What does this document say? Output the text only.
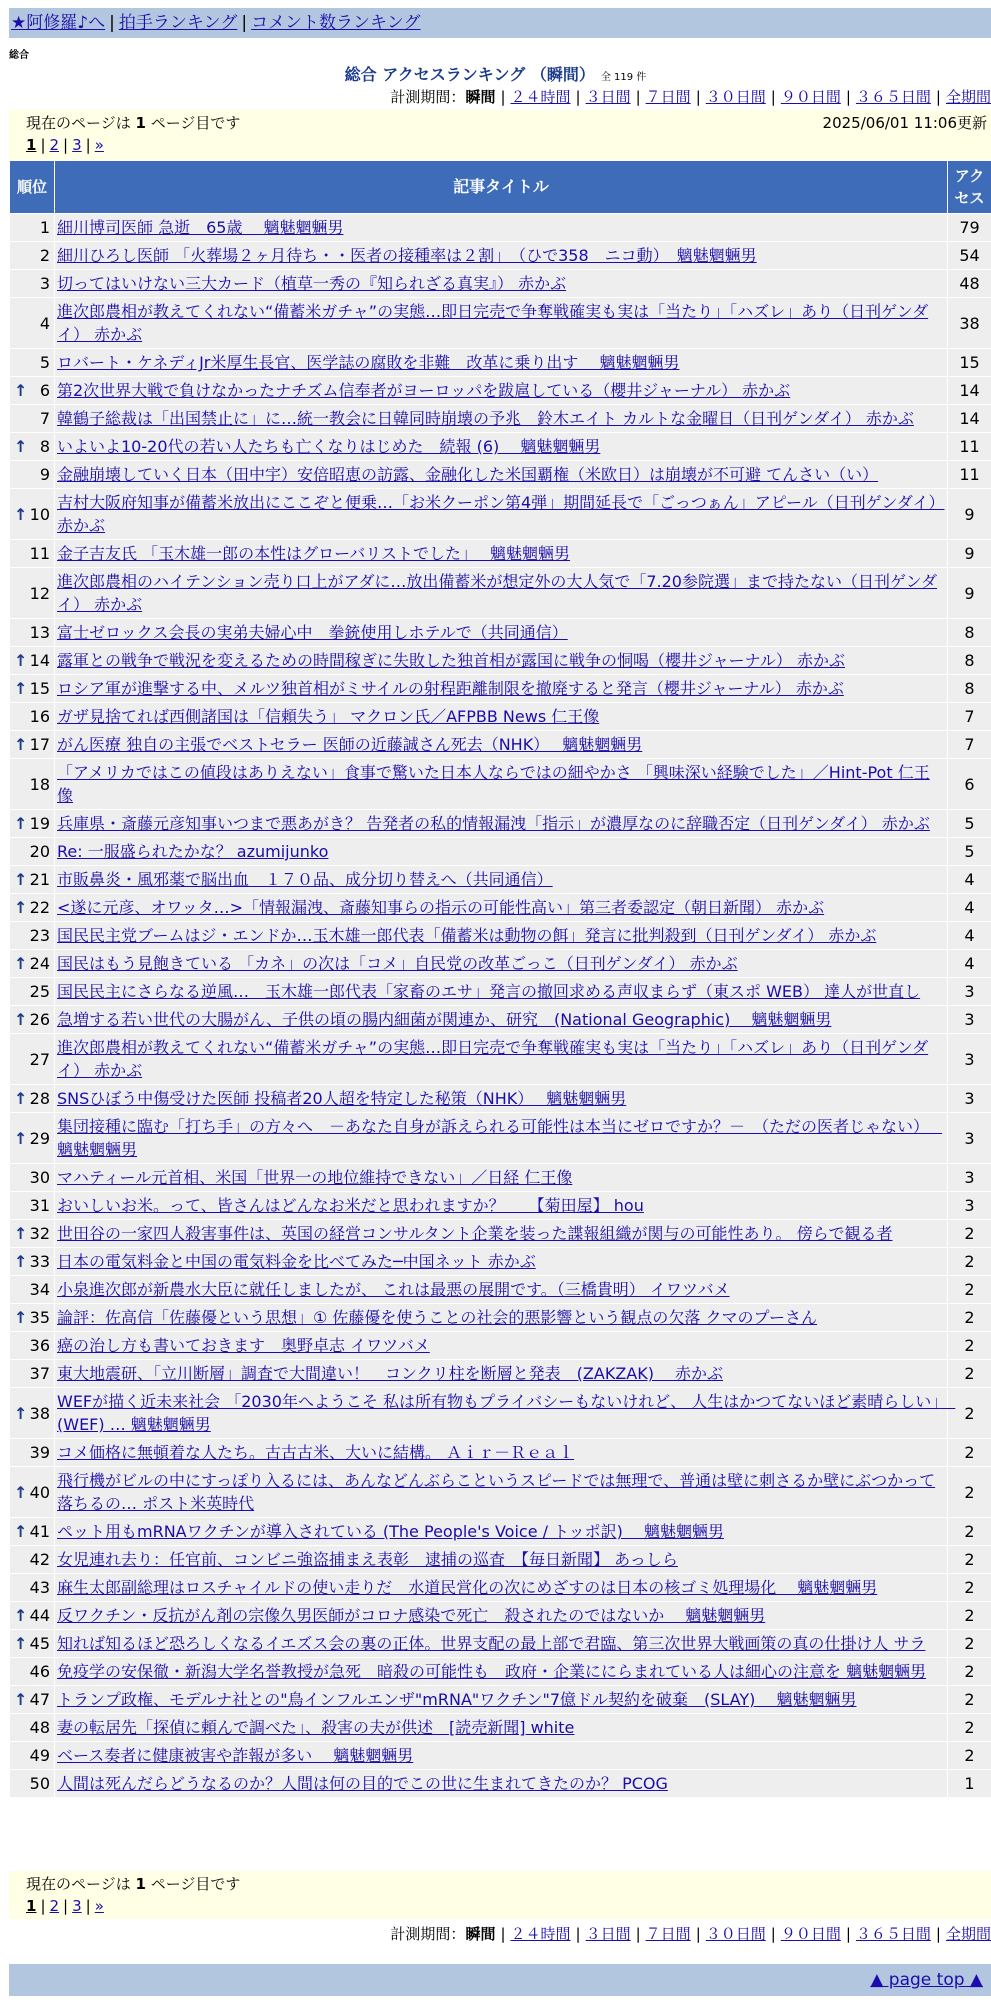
★阿修羅♪へ | 拍手ランキング | コメント数ランキング
総合
総合 アクセスランキング （瞬間） 全 119 件
計測期間：瞬間 | ２４時間 | ３日間 | ７日間 | ３０日間 | ９０日間 | ３６５日間 | 全期間
現在のページは 1 ページ目です	2025/06/01 11:06更新
1 | 2 | 3 | »
順位	記事タイトル	アクセス
1	細川博司医師 急逝　65歳　 魑魅魍魎男	79
2	細川ひろし医師 「火葬場２ヶ月待ち・・医者の接種率は２割」　（ひで358　ニコ動）　魑魅魍魎男	54
3	切ってはいけない三大カード（植草一秀の『知られざる真実』） 赤かぶ	48
4	進次郎農相が教えてくれない“備蓄米ガチャ”の実態…即日完売で争奪戦確実も実は「当たり」「ハズレ」あり（日刊ゲンダイ） 赤かぶ	38
5	ロバート・ケネディJr米厚生長官、医学誌の腐敗を非難　改革に乗り出す　 魑魅魍魎男	15

↑ 6	第2次世界大戦で負けなかったナチズム信奉者がヨーロッパを跋扈している（櫻井ジャーナル） 赤かぶ	14
7	韓鶴子総裁は「出国禁止に」に…統一教会に日韓同時崩壊の予兆　鈴木エイト カルトな金曜日（日刊ゲンダイ） 赤かぶ	14

↑ 8	いよいよ10-20代の若い人たちも亡くなりはじめた　続報 (6)　 魑魅魍魎男	11
9	金融崩壊していく日本（田中宇）安倍昭恵の訪露、金融化した米国覇権（米欧日）は崩壊が不可避 てんさい（い）	11

↑ 10	吉村大阪府知事が備蓄米放出にここぞと便乗…「お米クーポン第4弾」期間延長で「ごっつぁん」アピール（日刊ゲンダイ） 赤かぶ	9
11	金子吉友氏 「玉木雄一郎の本性はグローバリストでした」　 魑魅魍魎男	9
12	進次郎農相のハイテンション売り口上がアダに…放出備蓄米が想定外の大人気で「7.20参院選」まで持たない（日刊ゲンダイ） 赤かぶ	9
13	富士ゼロックス会長の実弟夫婦心中　拳銃使用しホテルで（共同通信）	8

↑ 14	露軍との戦争で戦況を変えるための時間稼ぎに失敗した独首相が露国に戦争の恫喝（櫻井ジャーナル） 赤かぶ	8

↑ 15	ロシア軍が進撃する中、メルツ独首相がミサイルの射程距離制限を撤廃すると発言（櫻井ジャーナル） 赤かぶ	8
16	ガザ見捨てれば西側諸国は「信頼失う」 マクロン氏／AFPBB News 仁王像	7

↑ 17	がん医療 独自の主張でベストセラー 医師の近藤誠さん死去（NHK）　 魑魅魍魎男	7
18	「アメリカではこの値段はありえない」食事で驚いた日本人ならではの細やかさ 「興味深い経験でした」／Hint-Pot 仁王像	6

↑ 19	兵庫県・斎藤元彦知事いつまで悪あがき？ 告発者の私的情報漏洩「指示」が濃厚なのに辞職否定（日刊ゲンダイ） 赤かぶ	5
20	Re: 一服盛られたかな？ azumijunko	5

↑ 21	市販鼻炎・風邪薬で脳出血　１７０品、成分切り替えへ（共同通信）	4

↑ 22	<遂に元彦、オワッタ…>「情報漏洩、斎藤知事らの指示の可能性高い」第三者委認定（朝日新聞） 赤かぶ	4
23	国民民主党ブームはジ・エンドか…玉木雄一郎代表「備蓄米は動物の餌」発言に批判殺到（日刊ゲンダイ） 赤かぶ	4

↑ 24	国民はもう見飽きている 「カネ」の次は「コメ」自民党の改革ごっこ（日刊ゲンダイ） 赤かぶ	4
25	国民民主にさらなる逆風…　玉木雄一郎代表「家畜のエサ」発言の撤回求める声収まらず（東スポ WEB） 達人が世直し	3

↑ 26	急増する若い世代の大腸がん、子供の頃の腸内細菌が関連か、研究　(National Geographic)　 魑魅魍魎男	3
27	進次郎農相が教えてくれない“備蓄米ガチャ”の実態…即日完売で争奪戦確実も実は「当たり」「ハズレ」あり（日刊ゲンダイ） 赤かぶ	3

↑ 28	SNSひぼう中傷受けた医師 投稿者20人超を特定した秘策（NHK）　 魑魅魍魎男	3

↑ 29	集団接種に臨む「打ち手」の方々へ　－あなた自身が訴えられる可能性は本当にゼロですか？－　（ただの医者じゃない）　 魑魅魍魎男	3
30	マハティール元首相、米国「世界一の地位維持できない」／日経 仁王像	3
31	おいしいお米。って、皆さんはどんなお米だと思われますか？　　【菊田屋】 hou	3

↑ 32	世田谷の一家四人殺害事件は、英国の経営コンサルタント企業を装った諜報組織が関与の可能性あり。 傍らで観る者	2

↑ 33	日本の電気料金と中国の電気料金を比べてみた─中国ネット 赤かぶ	2
34	小泉進次郎が新農水大臣に就任しましたが、 これは最悪の展開です。（三橋貴明） イワツバメ	2

↑ 35	論評：佐高信「佐藤優という思想」① 佐藤優を使うことの社会的悪影響という観点の欠落 クマのプーさん	2
36	癌の治し方も書いておきます　奥野卓志 イワツバメ	2
37	東大地震研、「立川断層」調査で大間違い！　コンクリ柱を断層と発表　(ZAKZAK)　 赤かぶ	2

↑ 38	WEFが描く近未来社会 「2030年へようこそ 私は所有物もプライバシーもないけれど、 人生はかつてないほど素晴らしい」　(WEF) … 魑魅魍魎男	2
39	コメ価格に無頓着な人たち。古古古米、大いに結構。 Ａｉｒ－Ｒｅａｌ	2

↑ 40	飛行機がビルの中にすっぽり入るには、あんなどんぶらこというスピードでは無理で、普通は壁に刺さるか壁にぶつかって落ちるの… ポスト米英時代	2

↑ 41	ペット用もmRNAワクチンが導入されている (The People's Voice / トッポ訳)　 魑魅魍魎男	2
42	女児連れ去り：任官前、コンビニ強盗捕まえ表彰　逮捕の巡査　【毎日新聞】 あっしら	2
43	麻生太郎副総理はロスチャイルドの使い走りだ　水道民営化の次にめざすのは日本の核ゴミ処理場化　 魑魅魍魎男	2

↑ 44	反ワクチン・反抗がん剤の宗像久男医師がコロナ感染で死亡　殺されたのではないか　 魑魅魍魎男	2

↑ 45	知れば知るほど恐ろしくなるイエズス会の裏の正体。世界支配の最上部で君臨、第三次世界大戦画策の真の仕掛け人 サラ	2
46	免疫学の安保徹・新潟大学名誉教授が急死　暗殺の可能性も　政府・企業ににらまれている人は細心の注意を 魑魅魍魎男	2

↑ 47	トランプ政権、モデルナ社との"鳥インフルエンザ"mRNA"ワクチン"7億ドル契約を破棄　(SLAY)　 魑魅魍魎男	2
48	妻の転居先「探偵に頼んで調べた」、殺害の夫が供述　[読売新聞] white	2
49	ベース奏者に健康被害や詐報が多い　 魑魅魍魎男	2
50	人間は死んだらどうなるのか？人間は何の目的でこの世に生まれてきたのか？ PCOG	1
現在のページは 1 ページ目です
1 | 2 | 3 | »
計測期間：瞬間 | ２４時間 | ３日間 | ７日間 | ３０日間 | ９０日間 | ３６５日間 | 全期間
▲ page top ▲
